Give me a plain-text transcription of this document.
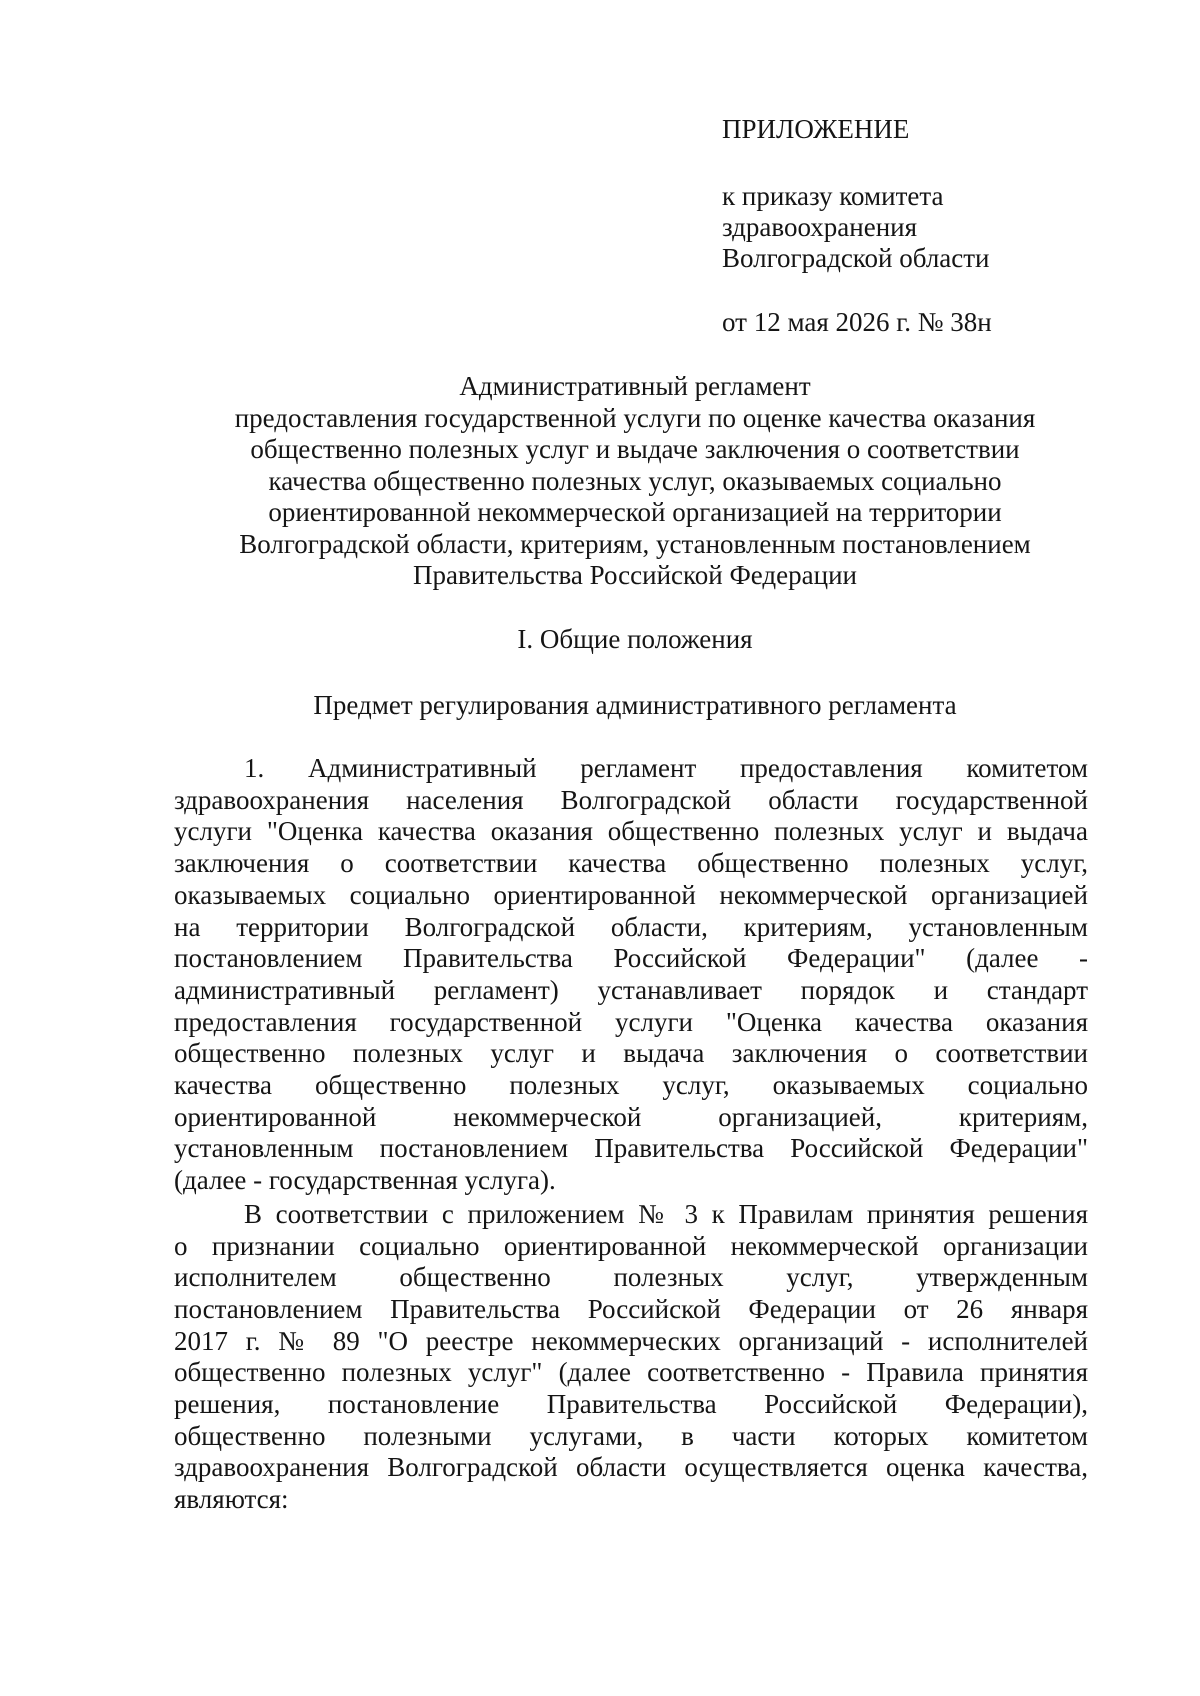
ПРИЛОЖЕНИЕ
к приказу комитета
здравоохранения
Волгоградской области
от 12 мая 2026 г. № 38н
Административный регламент
предоставления государственной услуги по оценке качества оказания
общественно полезных услуг и выдаче заключения о соответствии
качества общественно полезных услуг, оказываемых социально
ориентированной некоммерческой организацией на территории
Волгоградской области, критериям, установленным постановлением
Правительства Российской Федерации
I. Общие положения
Предмет регулирования административного регламента
1. Административный регламент предоставления комитетом
здравоохранения населения Волгоградской области государственной
услуги "Оценка качества оказания общественно полезных услуг и выдача
заключения о соответствии качества общественно полезных услуг,
оказываемых социально ориентированной некоммерческой организацией
на территории Волгоградской области, критериям, установленным
постановлением Правительства Российской Федерации" (далее -
административный регламент) устанавливает порядок и стандарт
предоставления государственной услуги "Оценка качества оказания
общественно полезных услуг и выдача заключения о соответствии
качества общественно полезных услуг, оказываемых социально
ориентированной некоммерческой организацией, критериям,
установленным постановлением Правительства Российской Федерации"
(далее - государственная услуга).
В соответствии с приложением № 3 к Правилам принятия решения
о признании социально ориентированной некоммерческой организации
исполнителем общественно полезных услуг, утвержденным
постановлением Правительства Российской Федерации от 26 января
2017 г. № 89 "О реестре некоммерческих организаций - исполнителей
общественно полезных услуг" (далее соответственно - Правила принятия
решения, постановление Правительства Российской Федерации),
общественно полезными услугами, в части которых комитетом
здравоохранения Волгоградской области осуществляется оценка качества,
являются:
